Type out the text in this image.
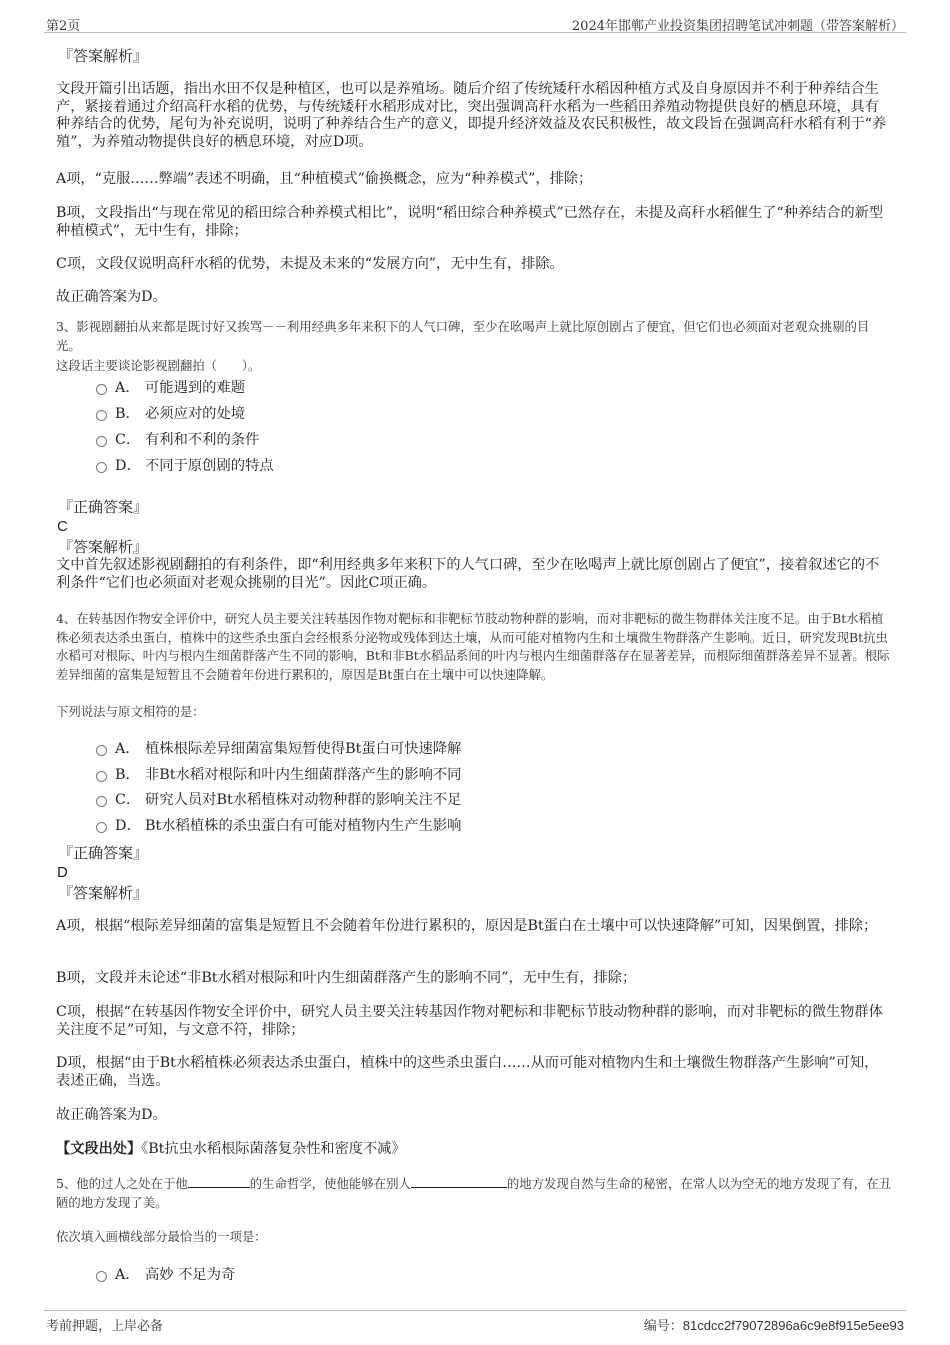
第2页	2024年邯郸产业投资集团招聘笔试冲刺题（带答案解析）
『答案解析』
文段开篇引出话题，指出水田不仅是种植区，也可以是养殖场。随后介绍了传统矮秆水稻因种植方式及自身原因并不利于种养结合生产，紧接着通过介绍高秆水稻的优势，与传统矮秆水稻形成对比，突出强调高秆水稻为一些稻田养殖动物提供良好的栖息环境，具有种养结合的优势，尾句为补充说明，说明了种养结合生产的意义，即提升经济效益及农民积极性，故文段旨在强调高秆水稻有利于“养殖”，为养殖动物提供良好的栖息环境，对应D项。
A项，“克服……弊端”表述不明确，且“种植模式”偷换概念，应为“种养模式”，排除；
B项，文段指出“与现在常见的稻田综合种养模式相比”，说明“稻田综合种养模式”已然存在，未提及高秆水稻催生了“种养结合的新型种植模式”，无中生有，排除；
C项，文段仅说明高秆水稻的优势，未提及未来的“发展方向”，无中生有，排除。
故正确答案为D。
3、影视剧翻拍从来都是既讨好又挨骂－－利用经典多年来积下的人气口碑，至少在吆喝声上就比原创剧占了便宜，但它们也必须面对老观众挑剔的目光。
这段话主要谈论影视剧翻拍（　　）。
A． 可能遇到的难题
B． 必须应对的处境
C． 有利和不利的条件
D． 不同于原创剧的特点
『正确答案』
C
『答案解析』
文中首先叙述影视剧翻拍的有利条件，即“利用经典多年来积下的人气口碑，至少在吆喝声上就比原创剧占了便宜”，接着叙述它的不利条件“它们也必须面对老观众挑剔的目光”。因此C项正确。
4、在转基因作物安全评价中，研究人员主要关注转基因作物对靶标和非靶标节肢动物种群的影响，而对非靶标的微生物群体关注度不足。由于Bt水稻植株必须表达杀虫蛋白，植株中的这些杀虫蛋白会经根系分泌物或残体到达土壤，从而可能对植物内生和土壤微生物群落产生影响。近日，研究发现Bt抗虫水稻可对根际、叶内与根内生细菌群落产生不同的影响，Bt和非Bt水稻品系间的叶内与根内生细菌群落存在显著差异，而根际细菌群落差异不显著。根际差异细菌的富集是短暂且不会随着年份进行累积的，原因是Bt蛋白在土壤中可以快速降解。
下列说法与原文相符的是：
A． 植株根际差异细菌富集短暂使得Bt蛋白可快速降解
B． 非Bt水稻对根际和叶内生细菌群落产生的影响不同
C． 研究人员对Bt水稻植株对动物种群的影响关注不足
D． Bt水稻植株的杀虫蛋白有可能对植物内生产生影响
『正确答案』
D
『答案解析』
A项，根据“根际差异细菌的富集是短暂且不会随着年份进行累积的，原因是Bt蛋白在土壤中可以快速降解”可知，因果倒置，排除；
B项，文段并未论述“非Bt水稻对根际和叶内生细菌群落产生的影响不同”，无中生有，排除；
C项，根据“在转基因作物安全评价中，研究人员主要关注转基因作物对靶标和非靶标节肢动物种群的影响，而对非靶标的微生物群体关注度不足”可知，与文意不符，排除；
D项，根据“由于Bt水稻植株必须表达杀虫蛋白，植株中的这些杀虫蛋白……从而可能对植物内生和土壤微生物群落产生影响”可知，表述正确，当选。
故正确答案为D。
【文段出处】《Bt抗虫水稻根际菌落复杂性和密度不减》
5、他的过人之处在于他	的生命哲学，使他能够在别人	的地方发现自然与生命的秘密，在常人以为空无的地方发现了有，在丑陋的地方发现了美。
依次填入画横线部分最恰当的一项是：
A． 高妙 不足为奇
考前押题，上岸必备	编号：81cdcc2f79072896a6c9e8f915e5ee93
